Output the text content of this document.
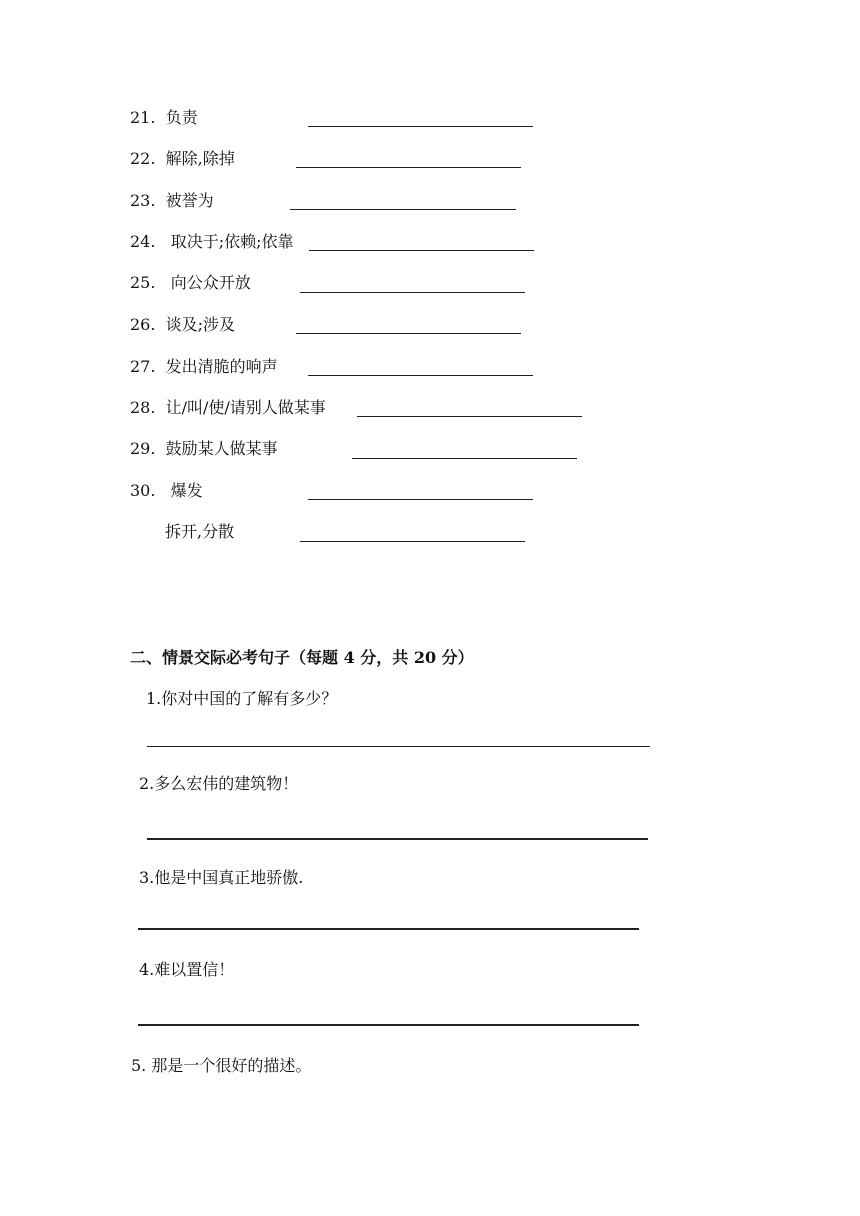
21. 负责
22. 解除,除掉
23. 被誉为
24.   取决于;依赖;依靠
25.   向公众开放
26. 谈及;涉及
27. 发出清脆的响声
28. 让/叫/使/请别人做某事
29. 鼓励某人做某事
30.   爆发
拆开,分散
二、情景交际必考句子（每题 4 分，共 20 分）
1.你对中国的了解有多少？
2.多么宏伟的建筑物！
3.他是中国真正地骄傲.
4.难以置信！
5. 那是一个很好的描述。
